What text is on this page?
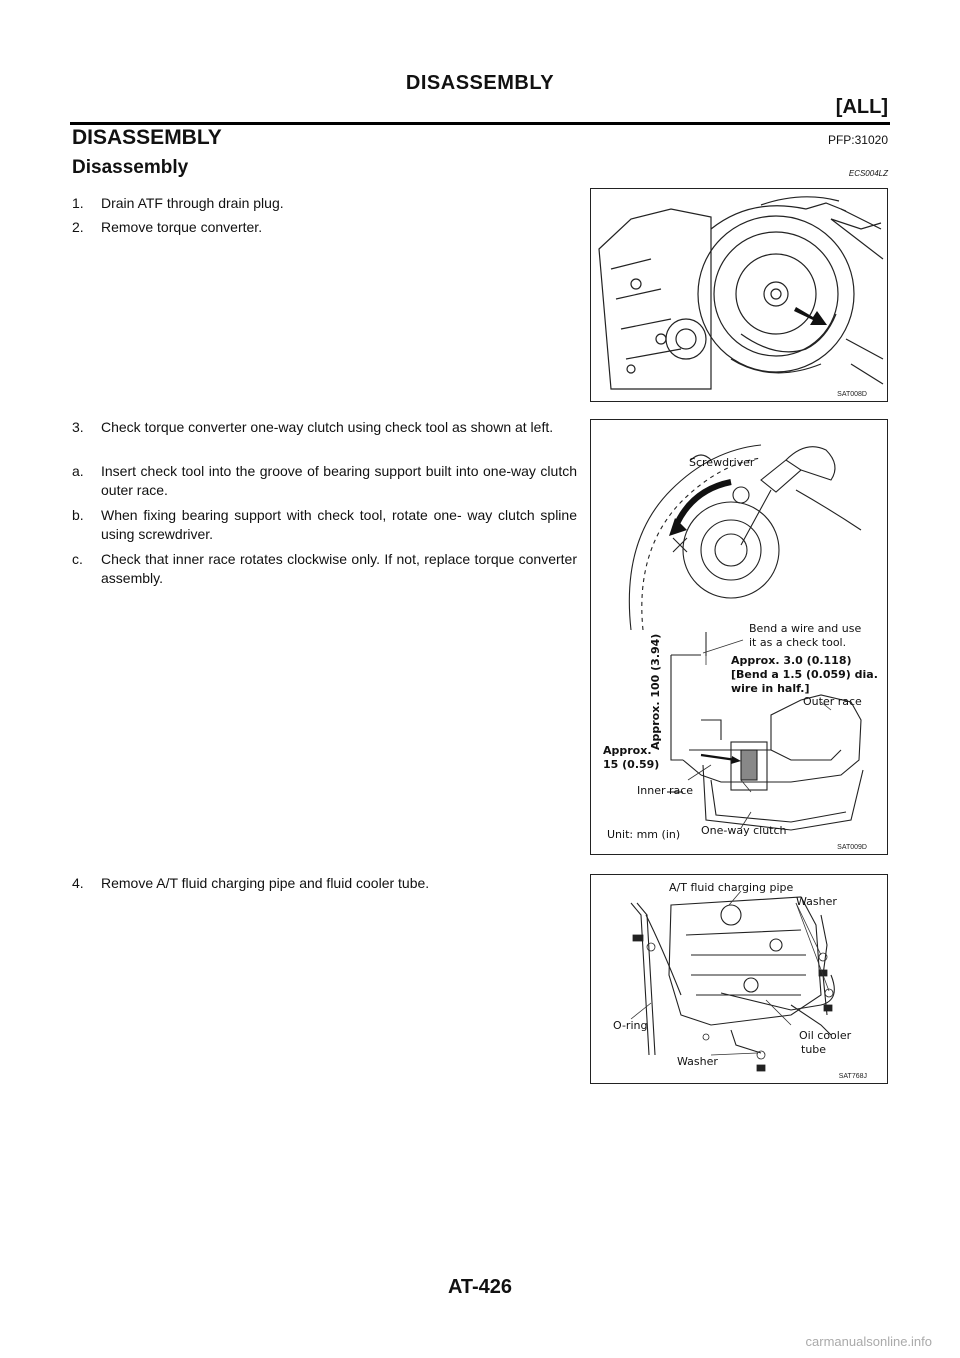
DISASSEMBLY
[ALL]
DISASSEMBLY	PFP:31020
Disassembly	ECS004LZ
1.	Drain ATF through drain plug.
2.	Remove torque converter.
3.	Check torque converter one-way clutch using check tool as shown at left.
a.	Insert check tool into the groove of bearing support built into one-way clutch outer race.
b.	When fixing bearing support with check tool, rotate one- way clutch spline using screwdriver.
c.	Check that inner race rotates clockwise only. If not, replace torque converter assembly.
4.	Remove A/T fluid charging pipe and fluid cooler tube.
SAT008D
Screwdriver
Bend a wire and use
it as a check tool.
Approx. 3.0 (0.118)
[Bend a 1.5 (0.059) dia.
wire in half.]
Outer race
Approx. 100 (3.94)
Approx.
15 (0.59)
Inner race
One-way clutch
Unit: mm (in)
SAT009D
A/T fluid charging pipe
Washer
O-ring
Oil cooler
tube
Washer
SAT768J
AT-426
carmanualsonline.info
